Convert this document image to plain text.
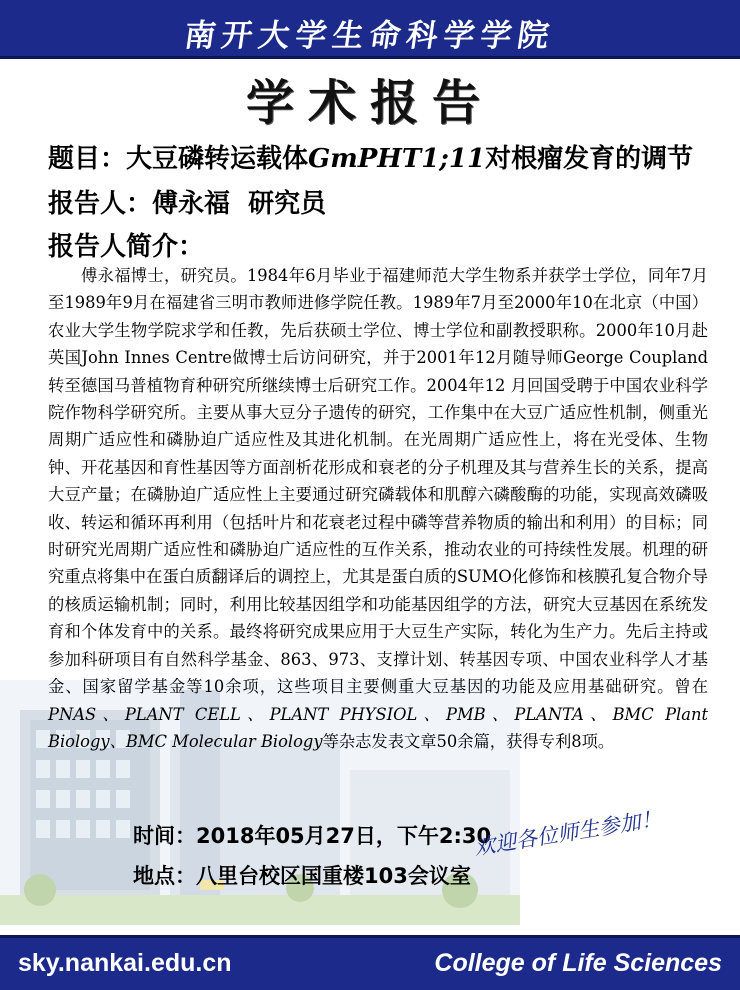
南开大学生命科学学院
学术报告
题目：大豆磷转运载体GmPHT1;11对根瘤发育的调节
报告人：傅永福 研究员
报告人简介：

傅永福博士，研究员。1984年6月毕业于福建师范大学生物系并获学士学位，同年7月至1989年9月在福建省三明市教师进修学院任教。1989年7月至2000年10在北京（中国）农业大学生物学院求学和任教，先后获硕士学位、博士学位和副教授职称。2000年10月赴英国John Innes Centre做博士后访问研究，并于2001年12月随导师George Coupland转至德国马普植物育种研究所继续博士后研究工作。2004年12 月回国受聘于中国农业科学院作物科学研究所。主要从事大豆分子遗传的研究，工作集中在大豆广适应性机制，侧重光周期广适应性和磷胁迫广适应性及其进化机制。在光周期广适应性上，将在光受体、生物钟、开花基因和育性基因等方面剖析花形成和衰老的分子机理及其与营养生长的关系，提高大豆产量；在磷胁迫广适应性上主要通过研究磷载体和肌醇六磷酸酶的功能，实现高效磷吸收、转运和循环再利用（包括叶片和花衰老过程中磷等营养物质的输出和利用）的目标；同时研究光周期广适应性和磷胁迫广适应性的互作关系，推动农业的可持续性发展。机理的研究重点将集中在蛋白质翻译后的调控上，尤其是蛋白质的SUMO化修饰和核膜孔复合物介导的核质运输机制；同时，利用比较基因组学和功能基因组学的方法，研究大豆基因在系统发育和个体发育中的关系。最终将研究成果应用于大豆生产实际，转化为生产力。先后主持或参加科研项目有自然科学基金、863、973、支撑计划、转基因专项、中国农业科学人才基金、国家留学基金等10余项，这些项目主要侧重大豆基因的功能及应用基础研究。曾在PNAS、PLANT CELL、PLANT PHYSIOL、PMB、PLANTA、BMC Plant Biology、BMC Molecular Biology等杂志发表文章50余篇，获得专利8项。

时间：2018年05月27日，下午2:30
地点：八里台校区国重楼103会议室
欢迎各位师生参加！
sky.nankai.edu.cn	College of Life Sciences
